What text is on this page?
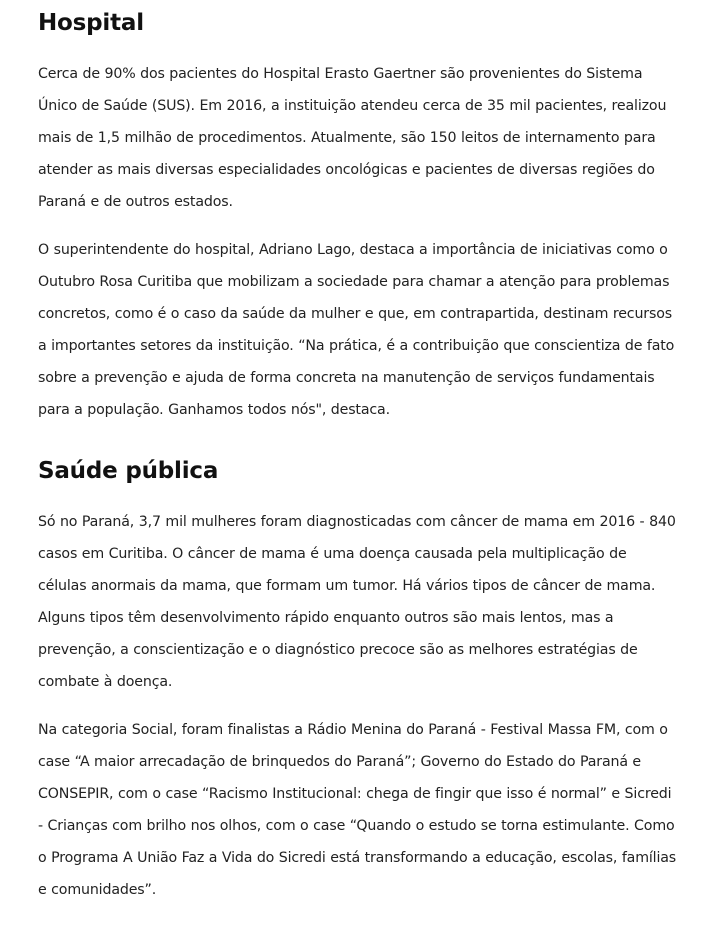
Hospital

Cerca de 90% dos pacientes do Hospital Erasto Gaertner são provenientes do Sistema Único de Saúde (SUS). Em 2016, a instituição atendeu cerca de 35 mil pacientes, realizou mais de 1,5 milhão de procedimentos. Atualmente, são 150 leitos de internamento para atender as mais diversas especialidades oncológicas e pacientes de diversas regiões do Paraná e de outros estados.

O superintendente do hospital, Adriano Lago, destaca a importância de iniciativas como o Outubro Rosa Curitiba que mobilizam a sociedade para chamar a atenção para problemas concretos, como é o caso da saúde da mulher e que, em contrapartida, destinam recursos a importantes setores da instituição. “Na prática, é a contribuição que conscientiza de fato sobre a prevenção e ajuda de forma concreta na manutenção de serviços fundamentais para a população. Ganhamos todos nós", destaca.

Saúde pública

Só no Paraná, 3,7 mil mulheres foram diagnosticadas com câncer de mama em 2016 - 840 casos em Curitiba. O câncer de mama é uma doença causada pela multiplicação de células anormais da mama, que formam um tumor. Há vários tipos de câncer de mama. Alguns tipos têm desenvolvimento rápido enquanto outros são mais lentos, mas a prevenção, a conscientização e o diagnóstico precoce são as melhores estratégias de combate à doença.

Na categoria Social, foram finalistas a Rádio Menina do Paraná - Festival Massa FM, com o case “A maior arrecadação de brinquedos do Paraná”; Governo do Estado do Paraná e CONSEPIR, com o case “Racismo Institucional: chega de fingir que isso é normal” e Sicredi - Crianças com brilho nos olhos, com o case “Quando o estudo se torna estimulante. Como o Programa A União Faz a Vida do Sicredi está transformando a educação, escolas, famílias e comunidades”.
